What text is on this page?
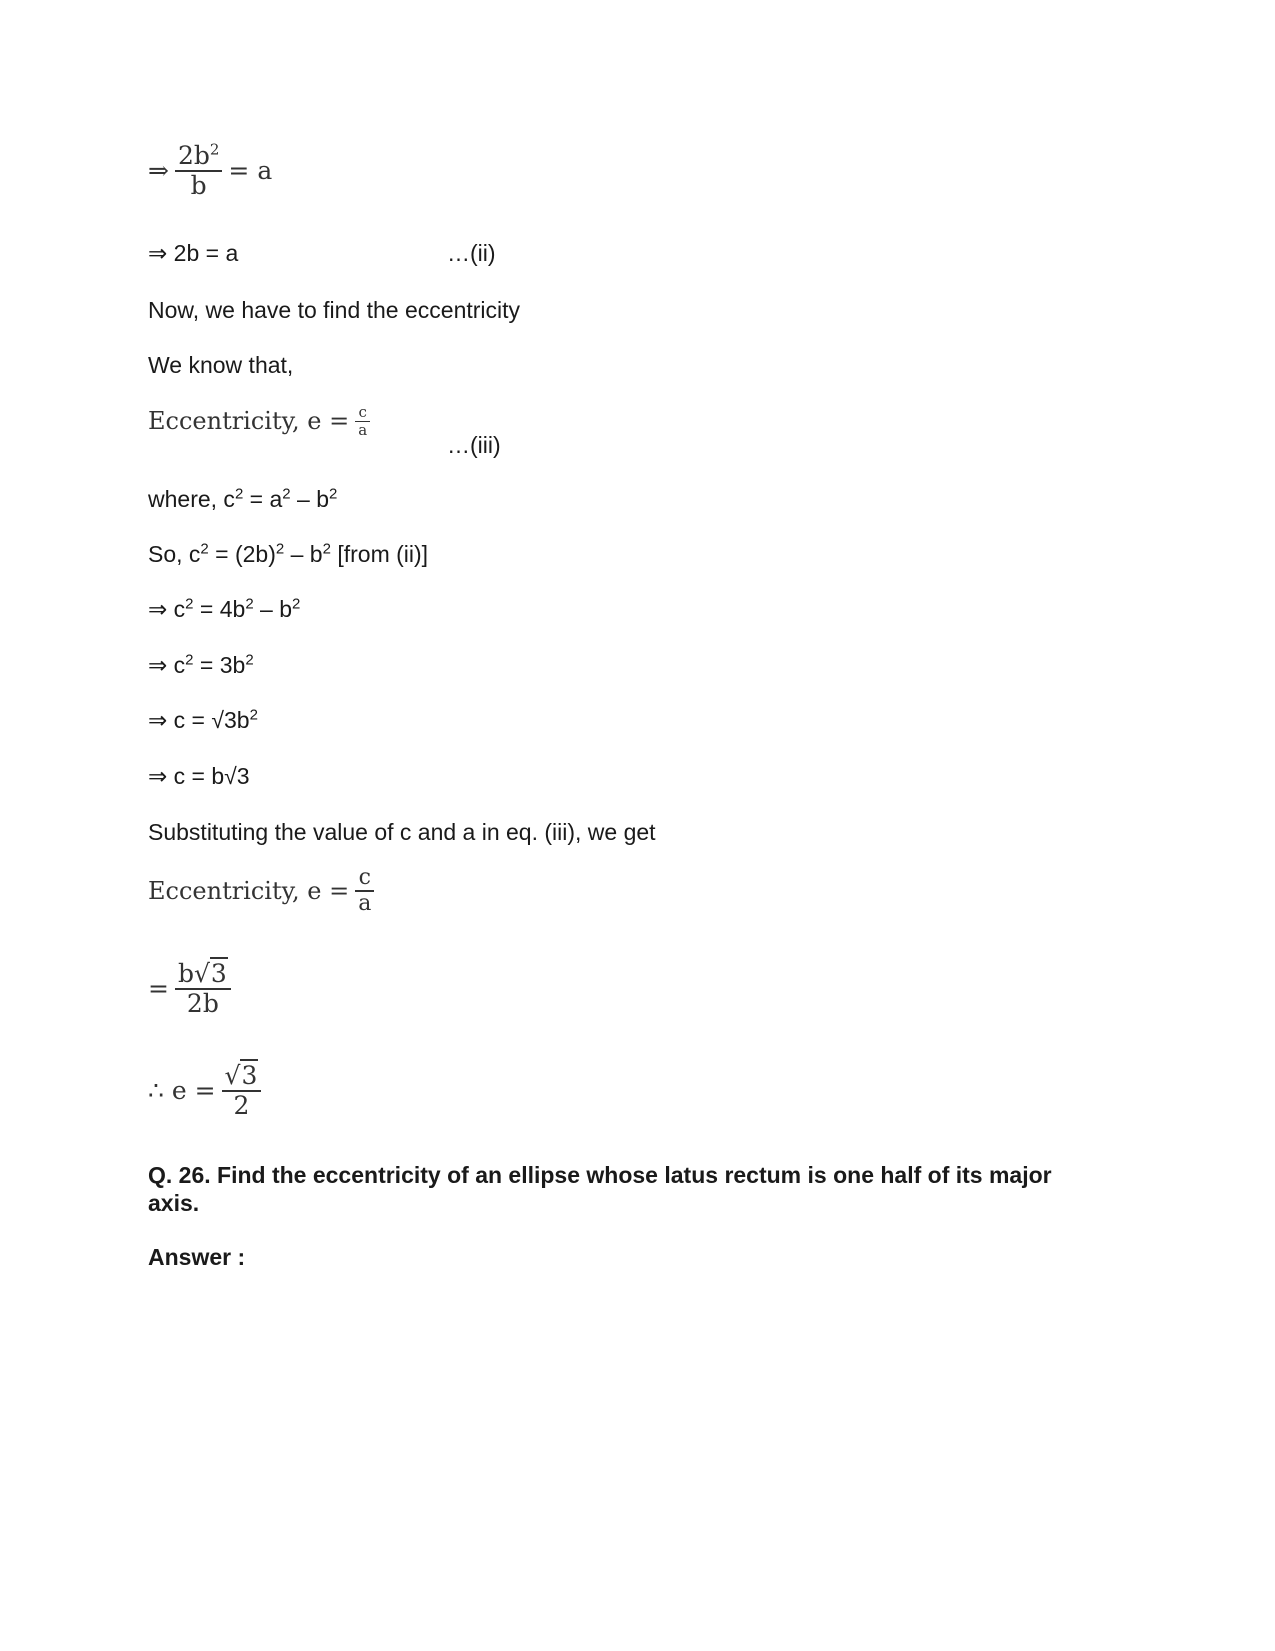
⇒ $\frac{2b^2}{b} = a$
⇒ 2b = a	…(ii)
Now, we have to find the eccentricity
We know that,
Eccentricity, $e = \frac{c}{a}$
…(iii)
where, $c^2 = a^2 - b^2$
So, $c^2 = (2b)^2 - b^2$ [from (ii)]
⇒ $c^2 = 4b^2 - b^2$
⇒ $c^2 = 3b^2$
⇒ $c = √3b^2$
⇒ c = b√3
Substituting the value of c and a in eq. (iii), we get
Eccentricity, $e = \frac{c}{a}$
= $\frac{b√3}{2b}$
∴ $e = \frac{√3}{2}$
Q. 26. Find the eccentricity of an ellipse whose latus rectum is one half of its major axis.
Answer :
